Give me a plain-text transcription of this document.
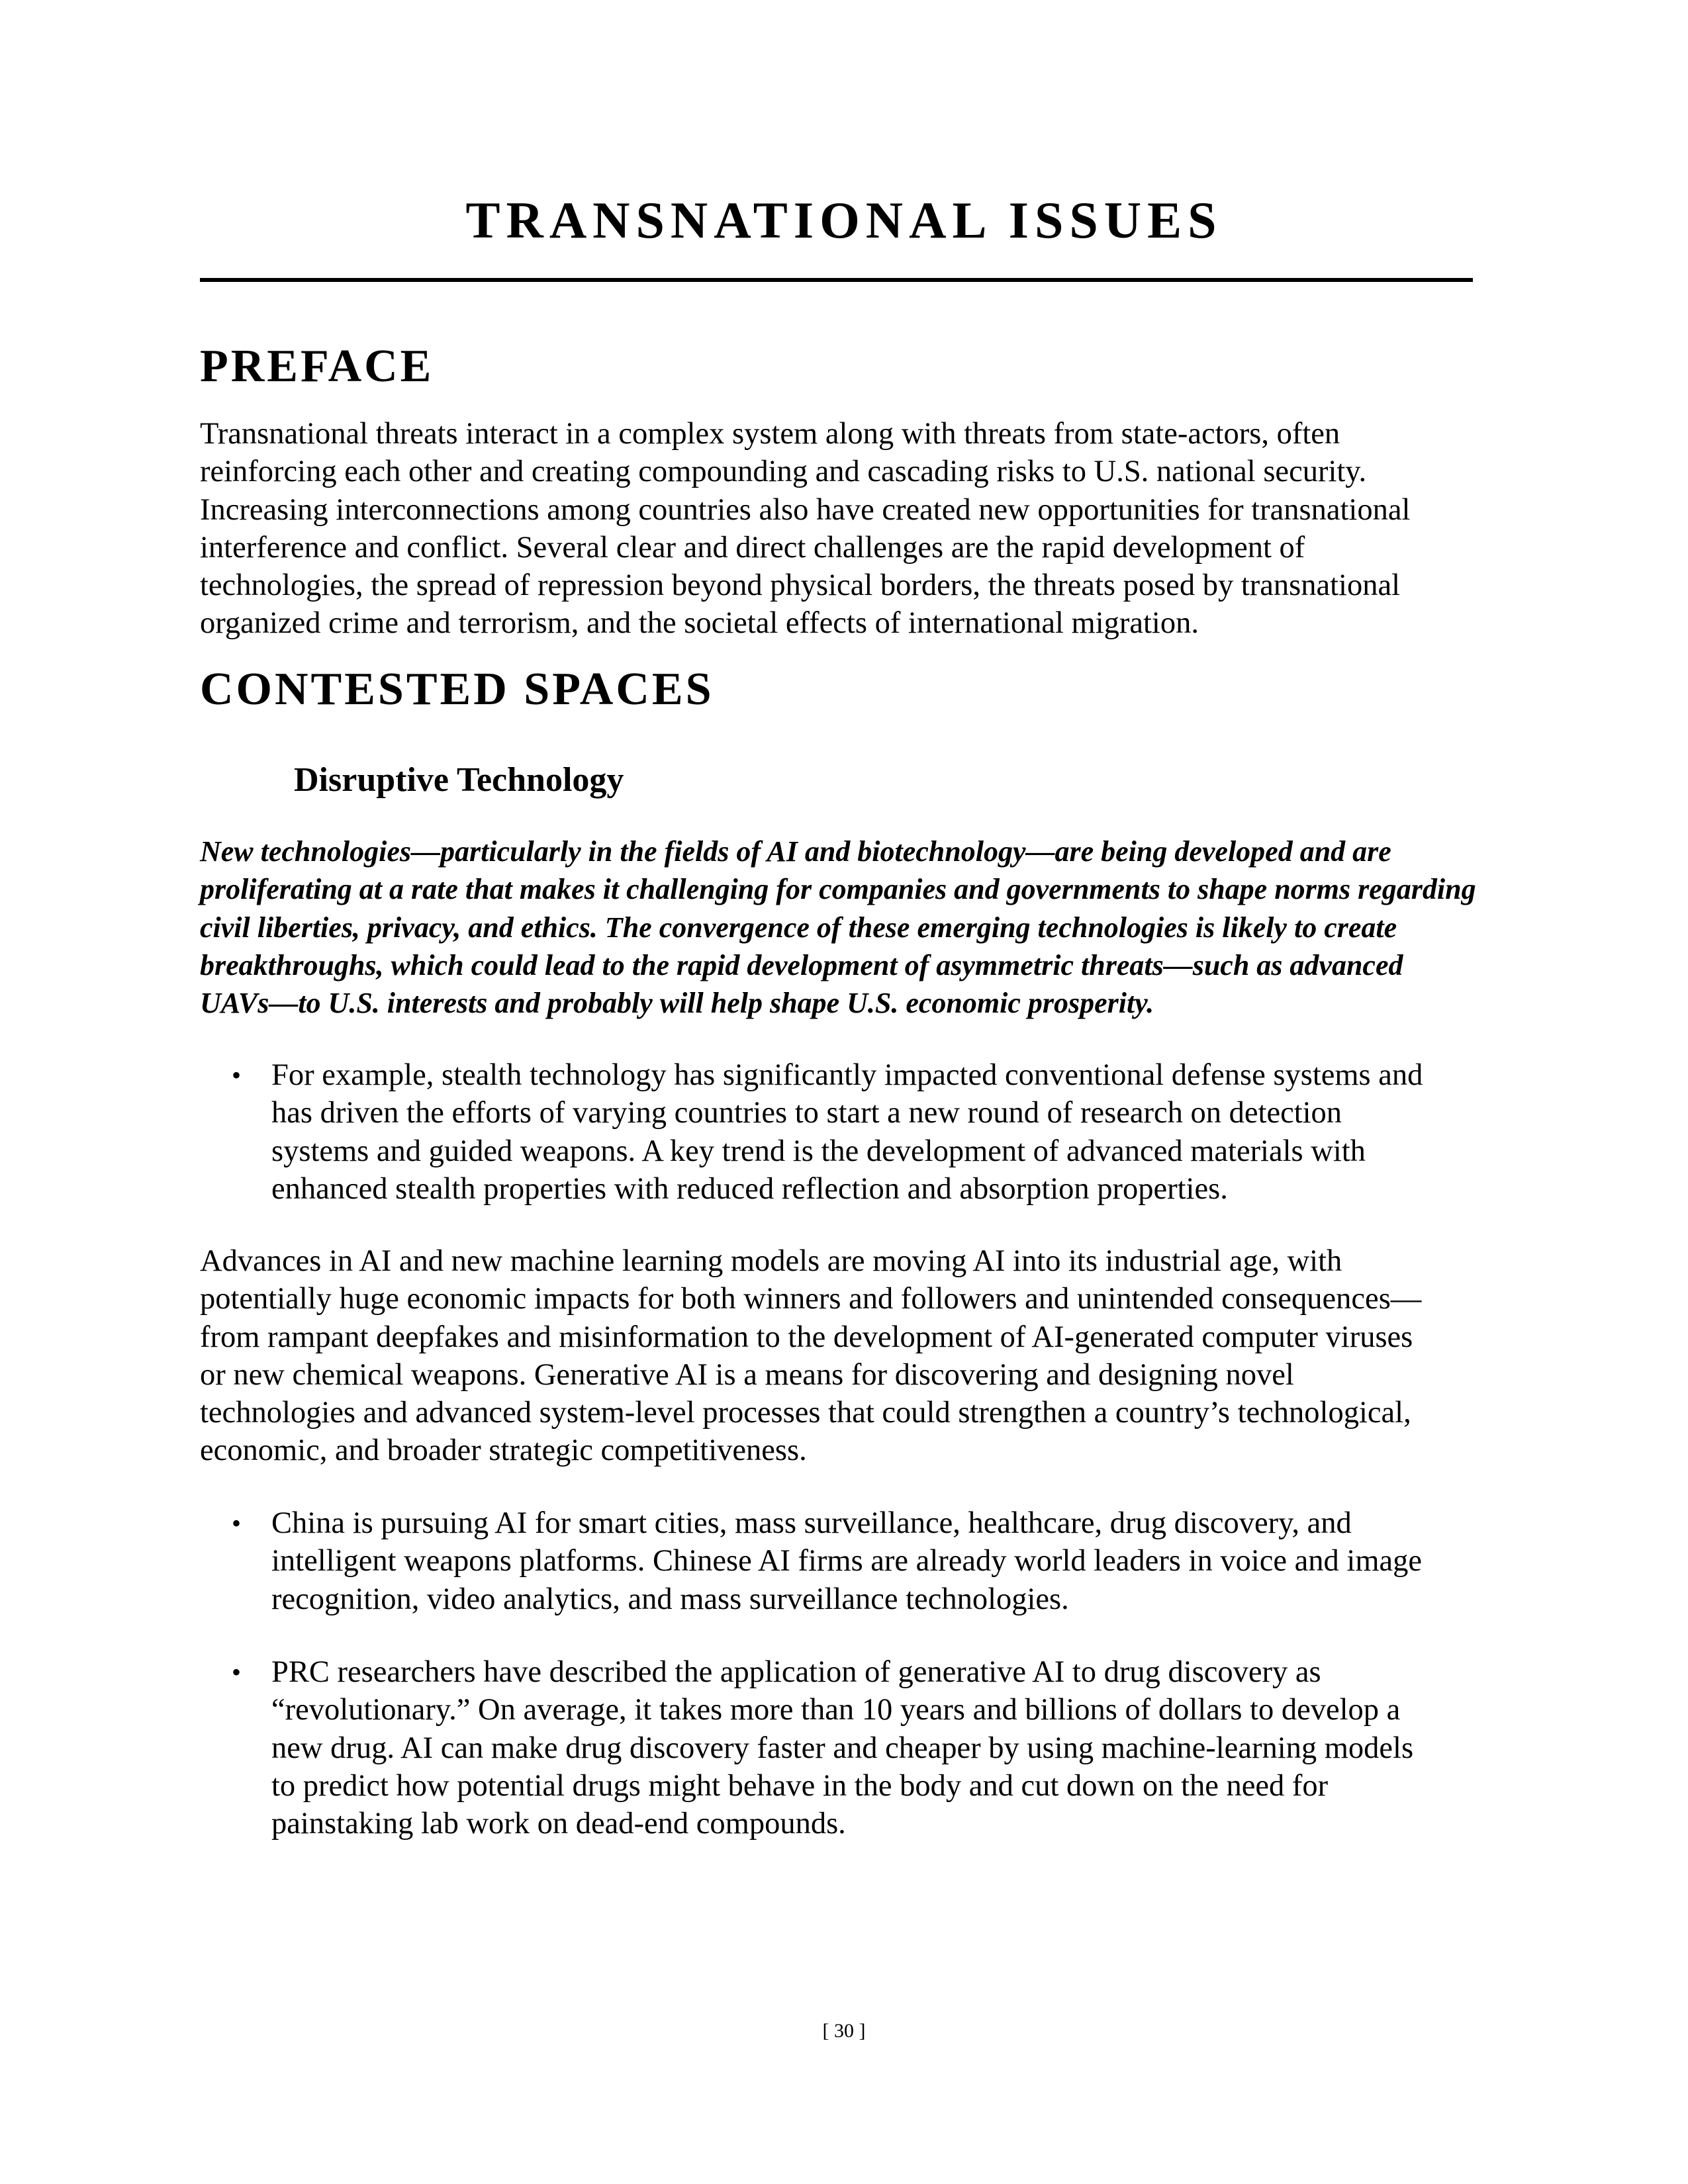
TRANSNATIONAL ISSUES
PREFACE
Transnational threats interact in a complex system along with threats from state-actors, often
reinforcing each other and creating compounding and cascading risks to U.S. national security.
Increasing interconnections among countries also have created new opportunities for transnational
interference and conflict. Several clear and direct challenges are the rapid development of
technologies, the spread of repression beyond physical borders, the threats posed by transnational
organized crime and terrorism, and the societal effects of international migration.
CONTESTED SPACES
Disruptive Technology
New technologies—particularly in the fields of AI and biotechnology—are being developed and are
proliferating at a rate that makes it challenging for companies and governments to shape norms regarding
civil liberties, privacy, and ethics. The convergence of these emerging technologies is likely to create
breakthroughs, which could lead to the rapid development of asymmetric threats—such as advanced
UAVs—to U.S. interests and probably will help shape U.S. economic prosperity.
• For example, stealth technology has significantly impacted conventional defense systems and
has driven the efforts of varying countries to start a new round of research on detection
systems and guided weapons. A key trend is the development of advanced materials with
enhanced stealth properties with reduced reflection and absorption properties.
Advances in AI and new machine learning models are moving AI into its industrial age, with
potentially huge economic impacts for both winners and followers and unintended consequences—
from rampant deepfakes and misinformation to the development of AI-generated computer viruses
or new chemical weapons. Generative AI is a means for discovering and designing novel
technologies and advanced system-level processes that could strengthen a country’s technological,
economic, and broader strategic competitiveness.
• China is pursuing AI for smart cities, mass surveillance, healthcare, drug discovery, and
intelligent weapons platforms. Chinese AI firms are already world leaders in voice and image
recognition, video analytics, and mass surveillance technologies.
• PRC researchers have described the application of generative AI to drug discovery as
“revolutionary.” On average, it takes more than 10 years and billions of dollars to develop a
new drug. AI can make drug discovery faster and cheaper by using machine-learning models
to predict how potential drugs might behave in the body and cut down on the need for
painstaking lab work on dead-end compounds.
[ 30 ]
